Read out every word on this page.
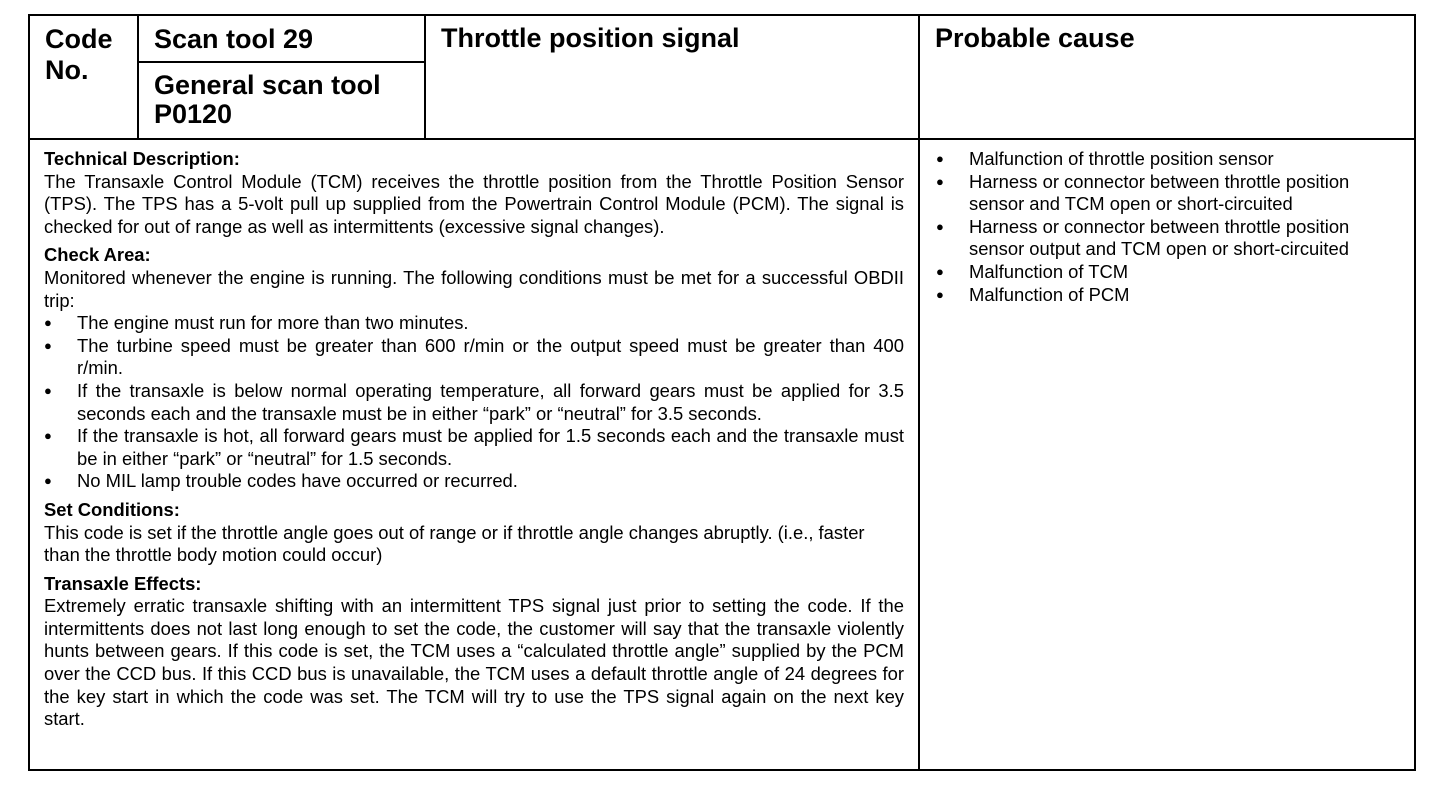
Code
No.
Scan tool 29
General scan tool
P0120
Throttle position signal	Probable cause
Technical Description:

The Transaxle Control Module (TCM) receives the throttle position from the Throttle Position Sensor (TPS). The TPS has a 5-volt pull up supplied from the Powertrain Control Module (PCM). The signal is checked for out of range as well as intermittents (excessive signal changes).

Check Area:

Monitored whenever the engine is running. The following conditions must be met for a successful OBDII trip:

● The engine must run for more than two minutes.
● The turbine speed must be greater than 600 r/min or the output speed must be greater than 400 r/min.
● If the transaxle is below normal operating temperature, all forward gears must be applied for 3.5 seconds each and the transaxle must be in either “park” or “neutral” for 3.5 seconds.
● If the transaxle is hot, all forward gears must be applied for 1.5 seconds each and the transaxle must be in either “park” or “neutral” for 1.5 seconds.
● No MIL lamp trouble codes have occurred or recurred.
Set Conditions:

This code is set if the throttle angle goes out of range or if throttle angle changes abruptly. (i.e., faster than the throttle body motion could occur)

Transaxle Effects:

Extremely erratic transaxle shifting with an intermittent TPS signal just prior to setting the code. If the intermittents does not last long enough to set the code, the customer will say that the transaxle violently hunts between gears. If this code is set, the TCM uses a “calculated throttle angle” supplied by the PCM over the CCD bus. If this CCD bus is unavailable, the TCM uses a default throttle angle of 24 degrees for the key start in which the code was set. The TCM will try to use the TPS signal again on the next key start.

● Malfunction of throttle position sensor
● Harness or connector between throttle position sensor and TCM open or short-circuited
● Harness or connector between throttle position sensor output and TCM open or short-circuited
● Malfunction of TCM
● Malfunction of PCM
